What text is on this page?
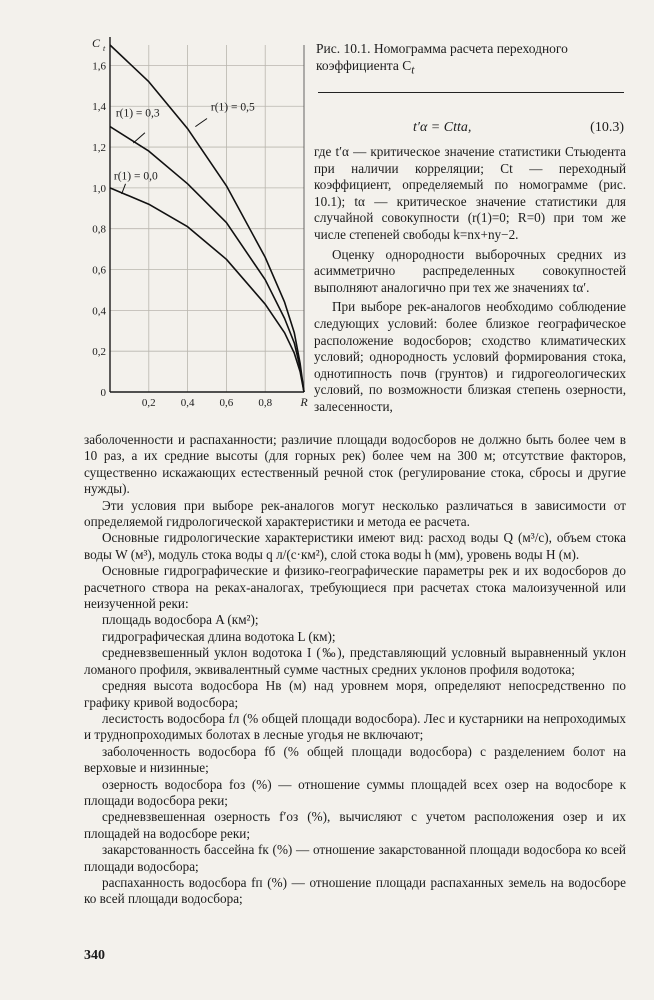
0
0,2
0,4
0,6
0,8
1,0
1,2
1,4
1,6
0,2 0,4 0,6 0,8
C t
R
r(1) = 0,0
r(1) = 0,3
r(1) = 0,5
Рис. 10.1. Номограмма расчета переходного
коэффициента $C_t$
t′α = Ctta,	(10.3)

где t′α — критическое значение статистики Стьюдента при наличии корреляции; Ct — переходный коэффициент, определяемый по номограмме (рис. 10.1); tα — критическое значение статистики для случайной совокупности (r(1)=0; R=0) при том же числе степеней свободы k=nx+ny−2.

Оценку однородности выборочных средних из асимметрично распределенных совокупностей выполняют аналогично при тех же значениях tα′.

При выборе рек-аналогов необходимо соблюдение следующих условий: более близкое географическое расположение водосборов; сходство климатических условий; однородность условий формирования стока, однотипность почв (грунтов) и гидрогеологических условий, по возможности близкая степень озерности, залесенности,

заболоченности и распаханности; различие площади водосборов не должно быть более чем в 10 раз, а их средние высоты (для горных рек) более чем на 300 м; отсутствие факторов, существенно искажающих естественный речной сток (регулирование стока, сбросы и другие нужды).

Эти условия при выборе рек-аналогов могут несколько различаться в зависимости от определяемой гидрологической характеристики и метода ее расчета.

Основные гидрологические характеристики имеют вид: расход воды Q (м³/с), объем стока воды W (м³), модуль стока воды q л/(с·км²), слой стока воды h (мм), уровень воды H (м).

Основные гидрографические и физико-географические параметры рек и их водосборов до расчетного створа на реках-аналогах, требующиеся при расчетах стока малоизученной или неизученной реки:

площадь водосбора A (км²);

гидрографическая длина водотока L (км);

средневзвешенный уклон водотока I (‰), представляющий условный выравненный уклон ломаного профиля, эквивалентный сумме частных средних уклонов профиля водотока;

средняя высота водосбора Hв (м) над уровнем моря, определяют непосредственно по графику кривой водосбора;

лесистость водосбора fл (% общей площади водосбора). Лес и кустарники на непроходимых и труднопроходимых болотах в лесные угодья не включают;

заболоченность водосбора fб (% общей площади водосбора) с разделением болот на верховые и низинные;

озерность водосбора fоз (%) — отношение суммы площадей всех озер на водосборе к площади водосбора реки;

средневзвешенная озерность f′оз (%), вычисляют с учетом расположения озер и их площадей на водосборе реки;

закарстованность бассейна fк (%) — отношение закарстованной площади водосбора ко всей площади водосбора;

распаханность водосбора fп (%) — отношение площади распаханных земель на водосборе ко всей площади водосбора;

340
